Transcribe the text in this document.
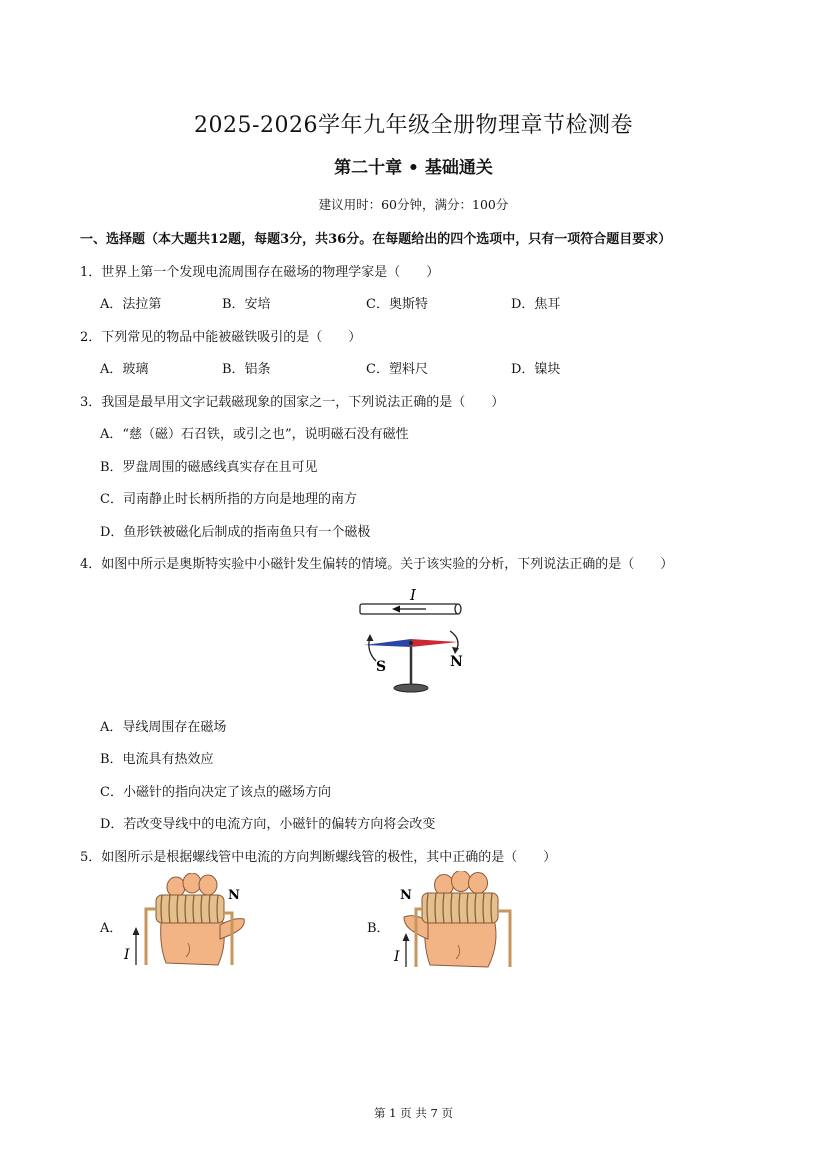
2025-2026学年九年级全册物理章节检测卷
第二十章 • 基础通关
建议用时：60分钟，满分：100分
一、选择题（本大题共12题，每题3分，共36分。在每题给出的四个选项中，只有一项符合题目要求）
1．世界上第一个发现电流周围存在磁场的物理学家是（　　）
A．法拉第	B．安培	C．奥斯特	D．焦耳
2．下列常见的物品中能被磁铁吸引的是（　　）
A．玻璃	B．铝条	C．塑料尺	D．镍块
3．我国是最早用文字记载磁现象的国家之一，下列说法正确的是（　　）
A．“慈（磁）石召铁，或引之也”，说明磁石没有磁性
B．罗盘周围的磁感线真实存在且可见
C．司南静止时长柄所指的方向是地理的南方
D．鱼形铁被磁化后制成的指南鱼只有一个磁极
4．如图中所示是奥斯特实验中小磁针发生偏转的情境。关于该实验的分析，下列说法正确的是（　　）
I
S	N
A．导线周围存在磁场
B．电流具有热效应
C．小磁针的指向决定了该点的磁场方向
D．若改变导线中的电流方向，小磁针的偏转方向将会改变
5．如图所示是根据螺线管中电流的方向判断螺线管的极性，其中正确的是（　　）
A．
I
N
B．
I
N
第 1 页 共 7 页
